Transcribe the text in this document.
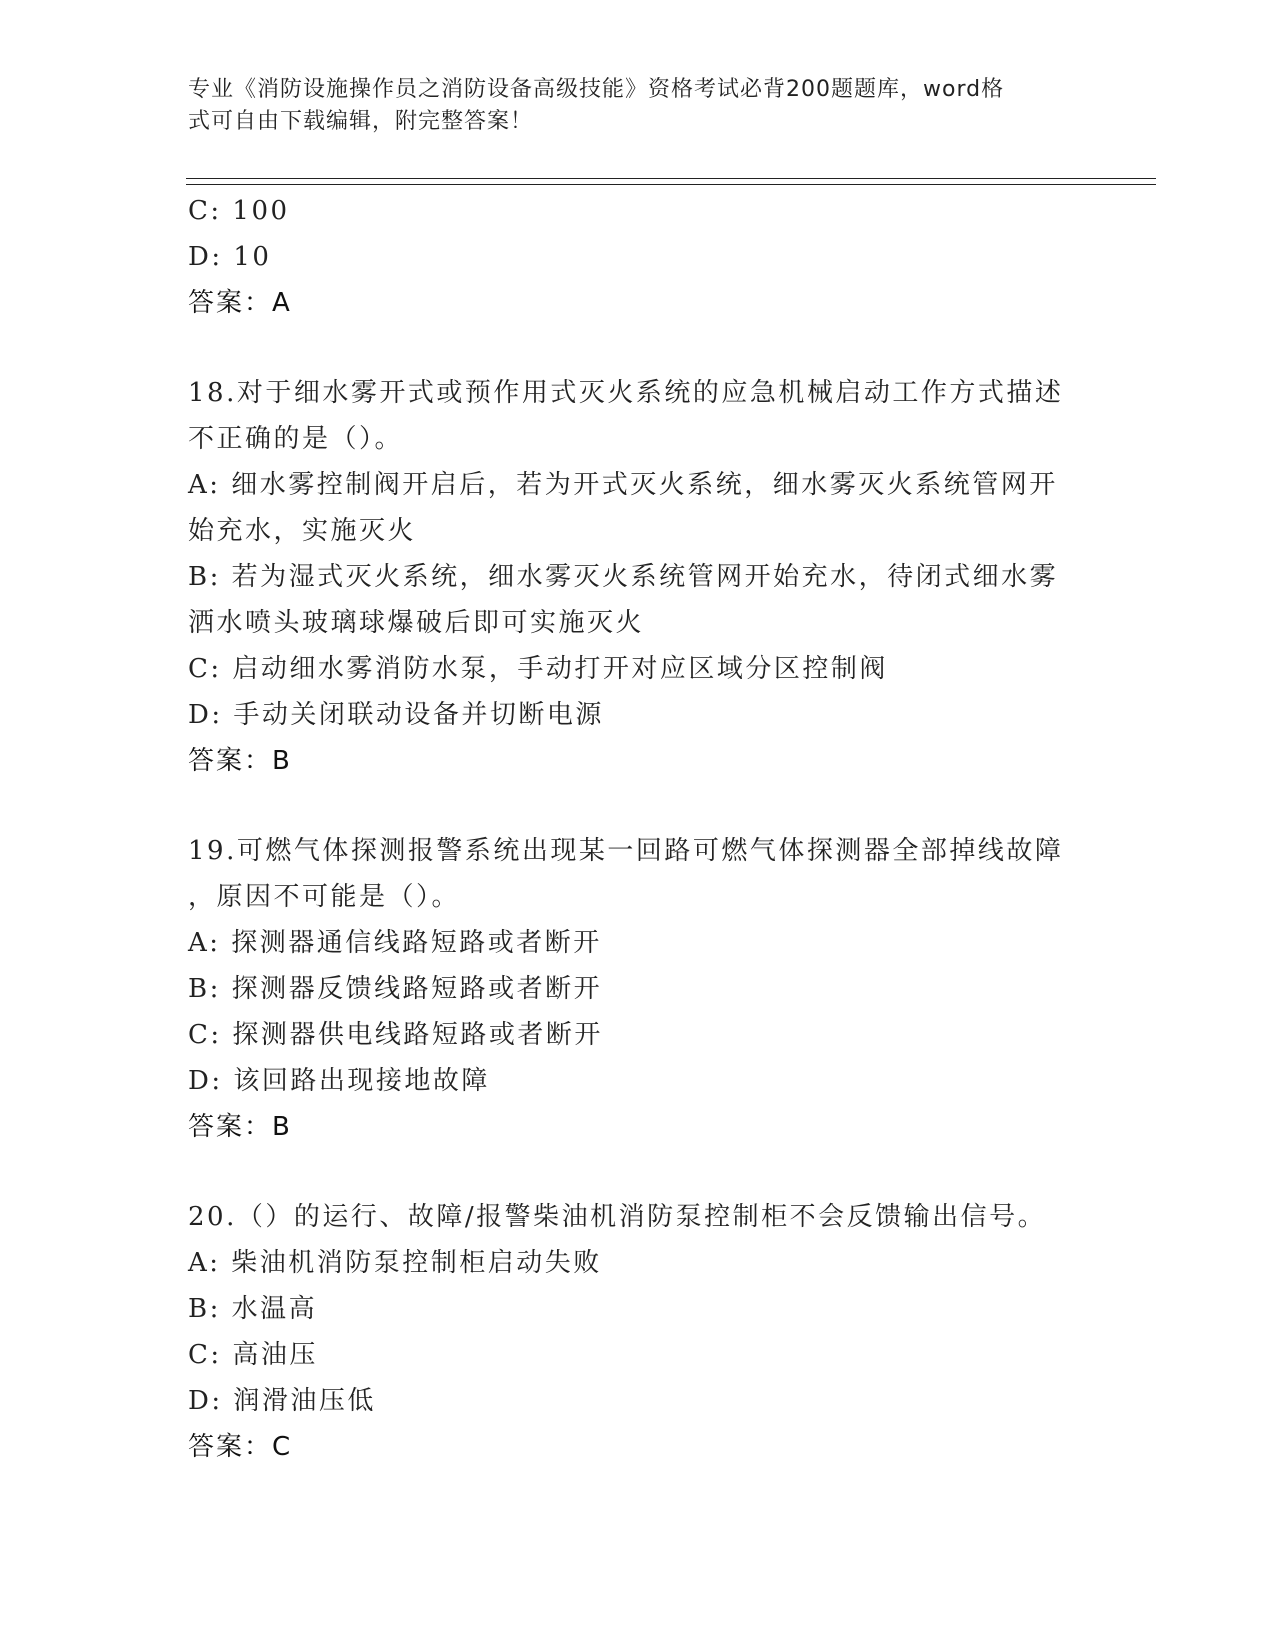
专业《消防设施操作员之消防设备高级技能》资格考试必背200题题库，word格
式可自由下载编辑，附完整答案！
C: 100
D: 10
答案：A
18.对于细水雾开式或预作用式灭火系统的应急机械启动工作方式描述
不正确的是（）。
A: 细水雾控制阀开启后，若为开式灭火系统，细水雾灭火系统管网开
始充水，实施灭火
B: 若为湿式灭火系统，细水雾灭火系统管网开始充水，待闭式细水雾
洒水喷头玻璃球爆破后即可实施灭火
C: 启动细水雾消防水泵，手动打开对应区域分区控制阀
D: 手动关闭联动设备并切断电源
答案：B
19.可燃气体探测报警系统出现某一回路可燃气体探测器全部掉线故障
，原因不可能是（）。
A: 探测器通信线路短路或者断开
B: 探测器反馈线路短路或者断开
C: 探测器供电线路短路或者断开
D: 该回路出现接地故障
答案：B
20.（）的运行、故障/报警柴油机消防泵控制柜不会反馈输出信号。
A: 柴油机消防泵控制柜启动失败
B: 水温高
C: 高油压
D: 润滑油压低
答案：C
